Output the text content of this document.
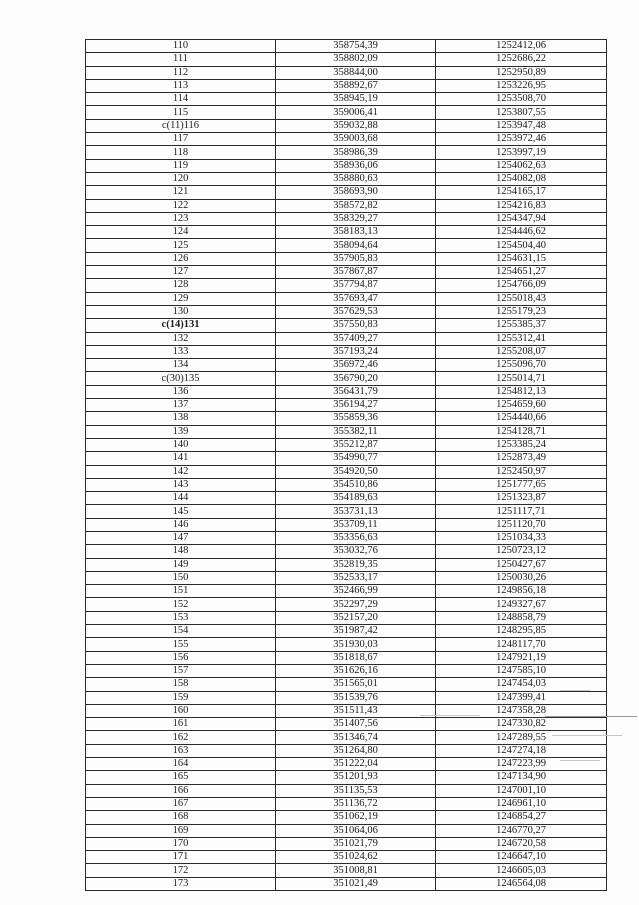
110	358754,39	1252412,06
111	358802,09	1252686,22
112	358844,00	1252950,89
113	358892,67	1253226,95
114	358945,19	1253508,70
115	359006,41	1253807,55
c(11)116	359032,88	1253947,48
117	359003,68	1253972,46
118	358986,39	1253997,19
119	358936,06	1254062,63
120	358880,63	1254082,08
121	358693,90	1254165,17
122	358572,82	1254216,83
123	358329,27	1254347,94
124	358183,13	1254446,62
125	358094,64	1254504,40
126	357905,83	1254631,15
127	357867,87	1254651,27
128	357794,87	1254766,09
129	357693,47	1255018,43
130	357629,53	1255179,23
c(14)131	357550,83	1255385,37
132	357409,27	1255312,41
133	357193,24	1255208,07
134	356972,46	1255096,70
c(30)135	356790,20	1255014,71
136	356431,79	1254812,13
137	356194,27	1254659,60
138	355859,36	1254440,66
139	355382,11	1254128,71
140	355212,87	1253385,24
141	354990,77	1252873,49
142	354920,50	1252450,97
143	354510,86	1251777,65
144	354189,63	1251323,87
145	353731,13	1251117,71
146	353709,11	1251120,70
147	353356,63	1251034,33
148	353032,76	1250723,12
149	352819,35	1250427,67
150	352533,17	1250030,26
151	352466,99	1249856,18
152	352297,29	1249327,67
153	352157,20	1248858,79
154	351987,42	1248295,85
155	351930,03	1248117,70
156	351818,67	1247921,19
157	351626,16	1247585,10
158	351565,01	1247454,03
159	351539,76	1247399,41
160	351511,43	1247358,28
161	351407,56	1247330,82
162	351346,74	1247289,55
163	351264,80	1247274,18
164	351222,04	1247223,99
165	351201,93	1247134,90
166	351135,53	1247001,10
167	351136,72	1246961,10
168	351062,19	1246854,27
169	351064,06	1246770,27
170	351021,79	1246720,58
171	351024,62	1246647,10
172	351008,81	1246605,03
173	351021,49	1246564,08
